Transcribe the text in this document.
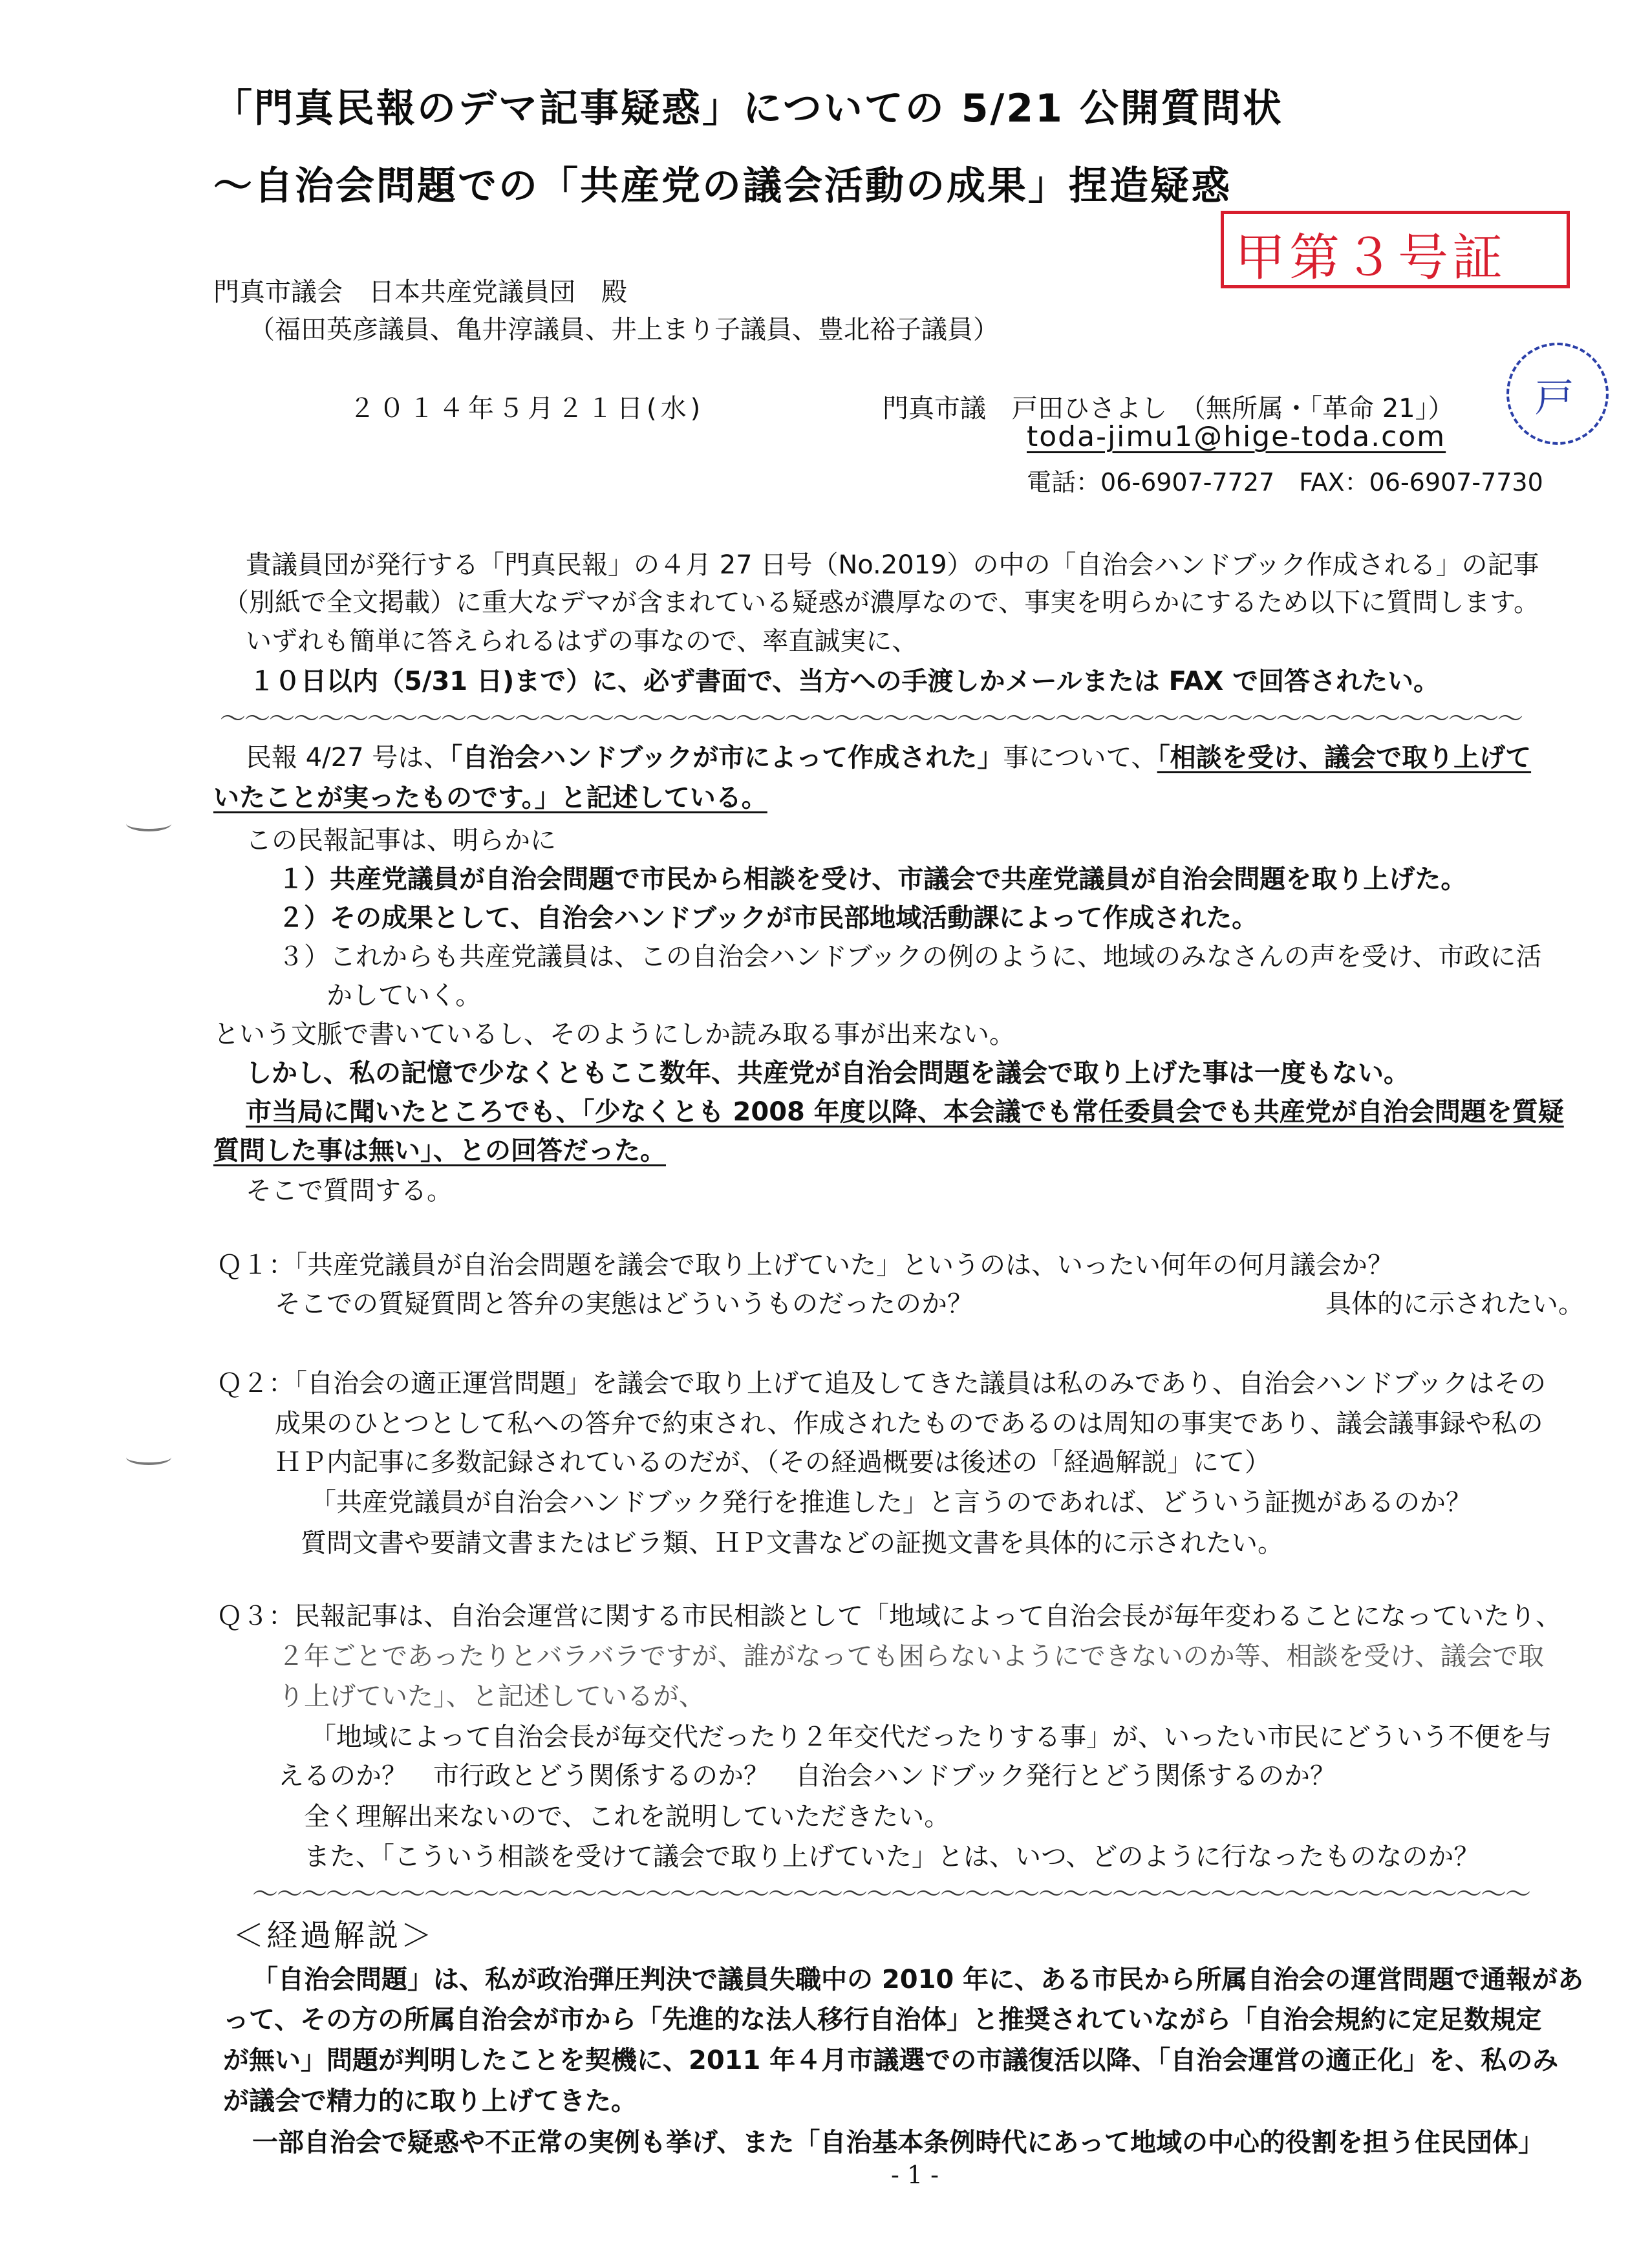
「門真民報のデマ記事疑惑」についての 5/21 公開質問状
～自治会問題での「共産党の議会活動の成果」捏造疑惑
甲第３号証
戸
門真市議会　日本共産党議員団　殿
（福田英彦議員、亀井淳議員、井上まり子議員、豊北裕子議員）
２０１４年５月２１日(水)	門真市議　戸田ひさよし　（無所属・「革命 21」）
toda-jimu1@hige-toda.com
電話：06-6907-7727　FAX：06-6907-7730
貴議員団が発行する「門真民報」の４月 27 日号（No.2019）の中の「自治会ハンドブック作成される」の記事
（別紙で全文掲載）に重大なデマが含まれている疑惑が濃厚なので、事実を明らかにするため以下に質問します。
いずれも簡単に答えられるはずの事なので、率直誠実に、
１０日以内（5/31 日)まで）に、必ず書面で、当方への手渡しかメールまたは FAX で回答されたい。
～～～～～～～～～～～～～～～～～～～～～～～～～～～～～～～～～～～～～～～～～～～～～～～～～～～～～
民報 4/27 号は、「自治会ハンドブックが市によって作成された」事について、「相談を受け、議会で取り上げて
いたことが実ったものです。」と記述している。
この民報記事は、明らかに
１）共産党議員が自治会問題で市民から相談を受け、市議会で共産党議員が自治会問題を取り上げた。
２）その成果として、自治会ハンドブックが市民部地域活動課によって作成された。
３）これからも共産党議員は、この自治会ハンドブックの例のように、地域のみなさんの声を受け、市政に活
かしていく。
という文脈で書いているし、そのようにしか読み取る事が出来ない。
しかし、私の記憶で少なくともここ数年、共産党が自治会問題を議会で取り上げた事は一度もない。
市当局に聞いたところでも、「少なくとも 2008 年度以降、本会議でも常任委員会でも共産党が自治会問題を質疑
質問した事は無い」、との回答だった。
そこで質問する。
Ｑ１：「共産党議員が自治会問題を議会で取り上げていた」というのは、いったい何年の何月議会か？
そこでの質疑質問と答弁の実態はどういうものだったのか？	具体的に示されたい。
Ｑ２：「自治会の適正運営問題」を議会で取り上げて追及してきた議員は私のみであり、自治会ハンドブックはその
成果のひとつとして私への答弁で約束され、作成されたものであるのは周知の事実であり、議会議事録や私の
ＨＰ内記事に多数記録されているのだが、（その経過概要は後述の「経過解説」にて）
「共産党議員が自治会ハンドブック発行を推進した」と言うのであれば、どういう証拠があるのか？
質問文書や要請文書またはビラ類、ＨＰ文書などの証拠文書を具体的に示されたい。
Ｑ３：民報記事は、自治会運営に関する市民相談として「地域によって自治会長が毎年変わることになっていたり、
２年ごとであったりとバラバラですが、誰がなっても困らないようにできないのか等、相談を受け、議会で取
り上げていた」、と記述しているが、
「地域によって自治会長が毎交代だったり２年交代だったりする事」が、いったい市民にどういう不便を与
えるのか？　市行政とどう関係するのか？　自治会ハンドブック発行とどう関係するのか？
全く理解出来ないので、これを説明していただきたい。
また、「こういう相談を受けて議会で取り上げていた」とは、いつ、どのように行なったものなのか？
～～～～～～～～～～～～～～～～～～～～～～～～～～～～～～～～～～～～～～～～～～～～～～～～～～～～
＜経過解説＞
「自治会問題」は、私が政治弾圧判決で議員失職中の 2010 年に、ある市民から所属自治会の運営問題で通報があ
って、その方の所属自治会が市から「先進的な法人移行自治体」と推奨されていながら「自治会規約に定足数規定
が無い」問題が判明したことを契機に、2011 年４月市議選での市議復活以降、「自治会運営の適正化」を、私のみ
が議会で精力的に取り上げてきた。
一部自治会で疑惑や不正常の実例も挙げ、また「自治基本条例時代にあって地域の中心的役割を担う住民団体」
- 1 -
